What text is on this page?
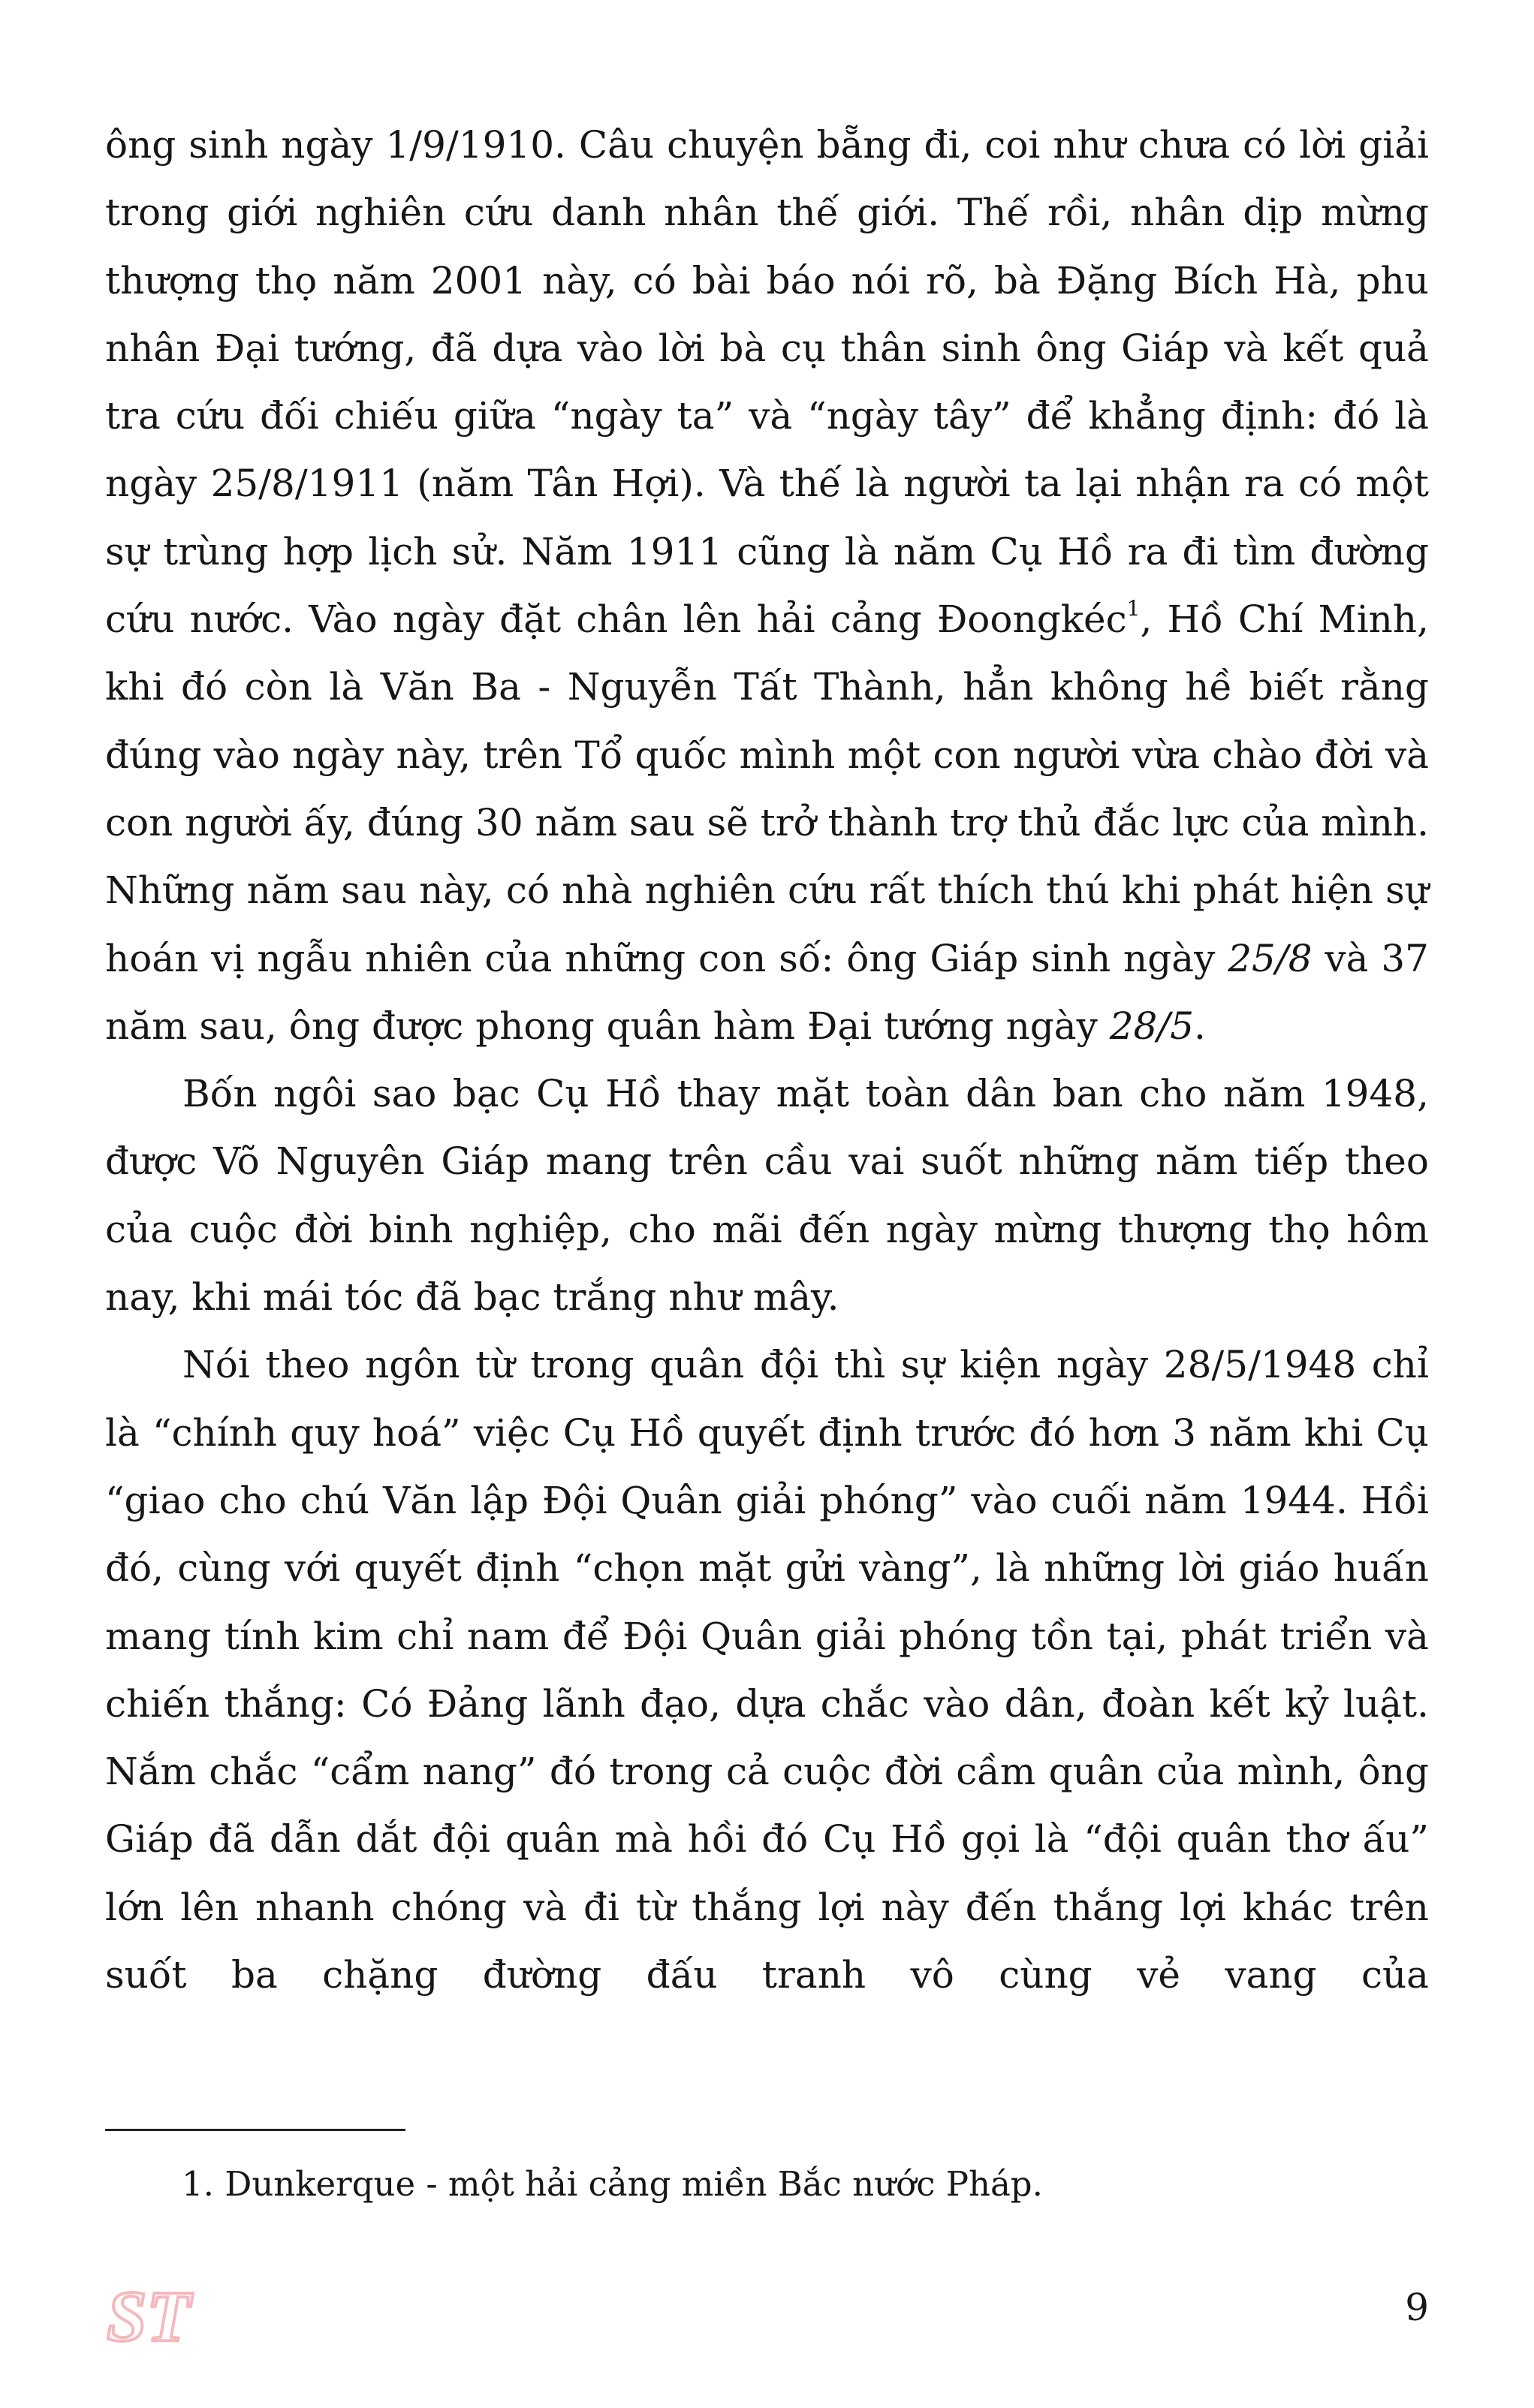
ông sinh ngày 1/9/1910. Câu chuyện bẵng đi, coi như chưa có lời giải trong giới nghiên cứu danh nhân thế giới. Thế rồi, nhân dịp mừng thượng thọ năm 2001 này, có bài báo nói rõ, bà Đặng Bích Hà, phu nhân Đại tướng, đã dựa vào lời bà cụ thân sinh ông Giáp và kết quả tra cứu đối chiếu giữa “ngày ta” và “ngày tây” để khẳng định: đó là ngày 25/8/1911 (năm Tân Hợi). Và thế là người ta lại nhận ra có một sự trùng hợp lịch sử. Năm 1911 cũng là năm Cụ Hồ ra đi tìm đường cứu nước. Vào ngày đặt chân lên hải cảng Đoongkéc$^1$, Hồ Chí Minh, khi đó còn là Văn Ba - Nguyễn Tất Thành, hẳn không hề biết rằng đúng vào ngày này, trên Tổ quốc mình một con người vừa chào đời và con người ấy, đúng 30 năm sau sẽ trở thành trợ thủ đắc lực của mình. Những năm sau này, có nhà nghiên cứu rất thích thú khi phát hiện sự hoán vị ngẫu nhiên của những con số: ông Giáp sinh ngày 25/8 và 37 năm sau, ông được phong quân hàm Đại tướng ngày 28/5.

Bốn ngôi sao bạc Cụ Hồ thay mặt toàn dân ban cho năm 1948, được Võ Nguyên Giáp mang trên cầu vai suốt những năm tiếp theo của cuộc đời binh nghiệp, cho mãi đến ngày mừng thượng thọ hôm nay, khi mái tóc đã bạc trắng như mây.

Nói theo ngôn từ trong quân đội thì sự kiện ngày 28/5/1948 chỉ là “chính quy hoá” việc Cụ Hồ quyết định trước đó hơn 3 năm khi Cụ “giao cho chú Văn lập Đội Quân giải phóng” vào cuối năm 1944. Hồi đó, cùng với quyết định “chọn mặt gửi vàng”, là những lời giáo huấn mang tính kim chỉ nam để Đội Quân giải phóng tồn tại, phát triển và chiến thắng: Có Đảng lãnh đạo, dựa chắc vào dân, đoàn kết kỷ luật. Nắm chắc “cẩm nang” đó trong cả cuộc đời cầm quân của mình, ông Giáp đã dẫn dắt đội quân mà hồi đó Cụ Hồ gọi là “đội quân thơ ấu” lớn lên nhanh chóng và đi từ thắng lợi này đến thắng lợi khác trên suốt ba chặng đường đấu tranh vô cùng vẻ vang của

1. Dunkerque - một hải cảng miền Bắc nước Pháp.

ST	9
